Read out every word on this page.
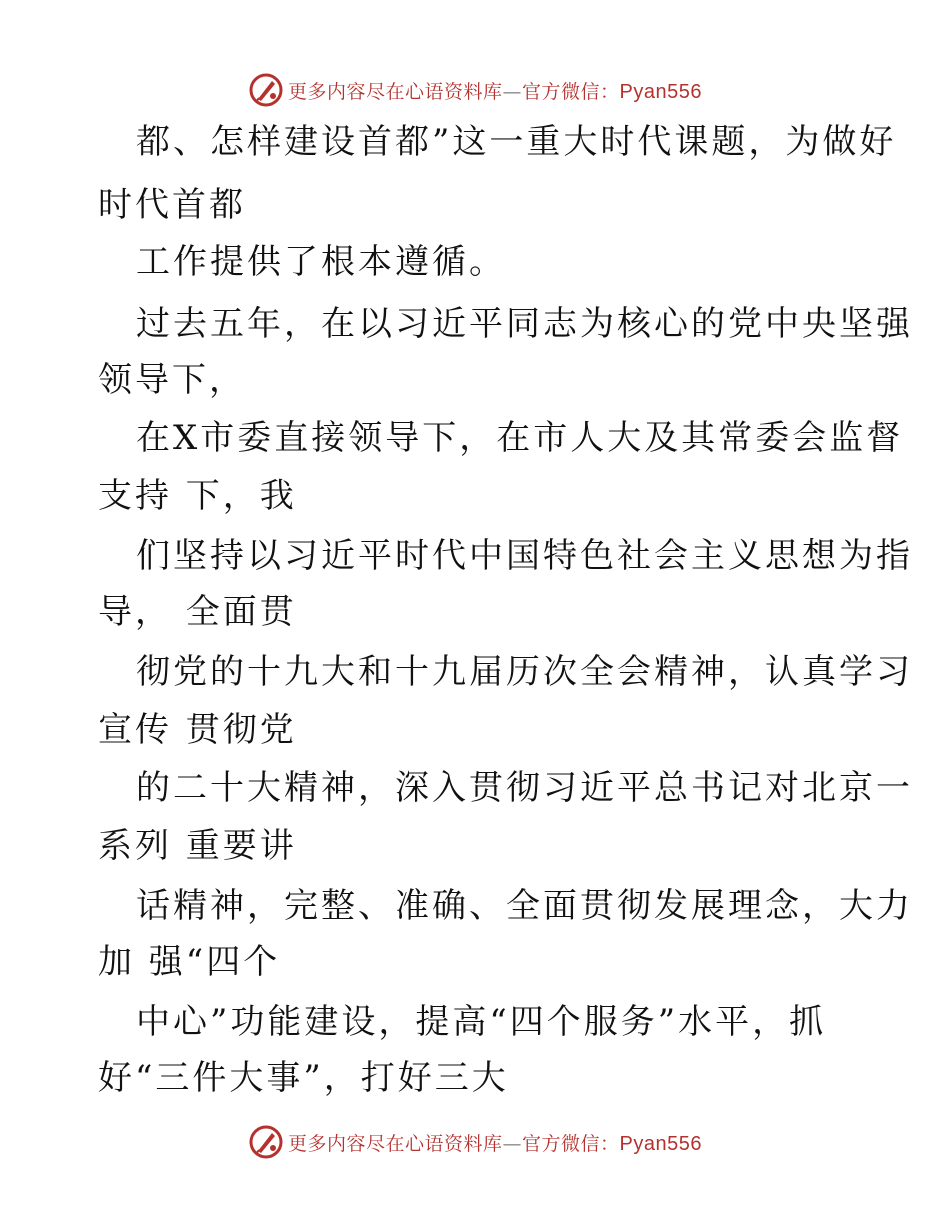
更多内容尽在心语资料库—官方微信：Pyan556
都、怎样建设首都”这一重大时代课题，为做好
时代首都
工作提供了根本遵循。
过去五年，在以习近平同志为核心的党中央坚强
领导下，
在X市委直接领导下，在市人大及其常委会监督
支持 下，我
们坚持以习近平时代中国特色社会主义思想为指
导， 全面贯
彻党的十九大和十九届历次全会精神，认真学习
宣传 贯彻党
的二十大精神，深入贯彻习近平总书记对北京一
系列 重要讲
话精神，完整、准确、全面贯彻发展理念，大力
加 强“四个
中心”功能建设，提高“四个服务”水平，抓
好“三件大事”，打好三大
更多内容尽在心语资料库—官方微信：Pyan556
